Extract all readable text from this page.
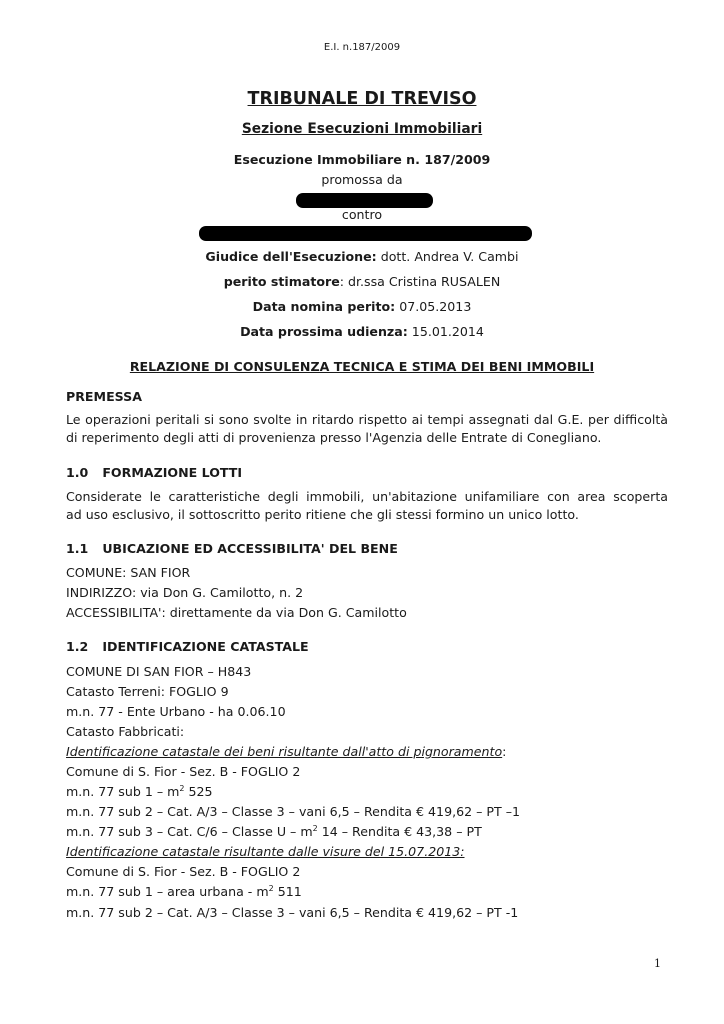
E.I. n.187/2009
TRIBUNALE DI TREVISO
Sezione Esecuzioni Immobiliari
Esecuzione Immobiliare n. 187/2009
promossa da
contro
Giudice dell'Esecuzione: dott. Andrea V. Cambi
perito stimatore: dr.ssa Cristina RUSALEN
Data nomina perito: 07.05.2013
Data prossima udienza: 15.01.2014
RELAZIONE DI CONSULENZA TECNICA E STIMA DEI BENI IMMOBILI
PREMESSA
Le operazioni peritali si sono svolte in ritardo rispetto ai tempi assegnati dal G.E. per difficoltà
di reperimento degli atti di provenienza presso l'Agenzia delle Entrate di Conegliano.
1.0 FORMAZIONE LOTTI
Considerate le caratteristiche degli immobili, un'abitazione unifamiliare con area scoperta
ad uso esclusivo, il sottoscritto perito ritiene che gli stessi formino un unico lotto.
1.1 UBICAZIONE ED ACCESSIBILITA' DEL BENE
COMUNE: SAN FIOR
INDIRIZZO: via Don G. Camilotto, n. 2
ACCESSIBILITA': direttamente da via Don G. Camilotto
1.2 IDENTIFICAZIONE CATASTALE
COMUNE DI SAN FIOR – H843
Catasto Terreni: FOGLIO 9
m.n. 77 - Ente Urbano - ha 0.06.10
Catasto Fabbricati:
Identificazione catastale dei beni risultante dall'atto di pignoramento:
Comune di S. Fior - Sez. B - FOGLIO 2
m.n. 77 sub $1 - m^2$ 525
m.n. 77 sub 2 – Cat. A/3 – Classe 3 – vani 6,5 – Rendita € 419,62 – PT –1
m.n. 77 sub 3 – Cat. C/6 – Classe U – $m^2$ 14 – Rendita € 43,38 – PT
Identificazione catastale risultante dalle visure del 15.07.2013:
Comune di S. Fior - Sez. B - FOGLIO 2
m.n. 77 sub 1 – area urbana - $m^2$ 511
m.n. 77 sub 2 – Cat. A/3 – Classe 3 – vani 6,5 – Rendita € 419,62 – PT -1
1
